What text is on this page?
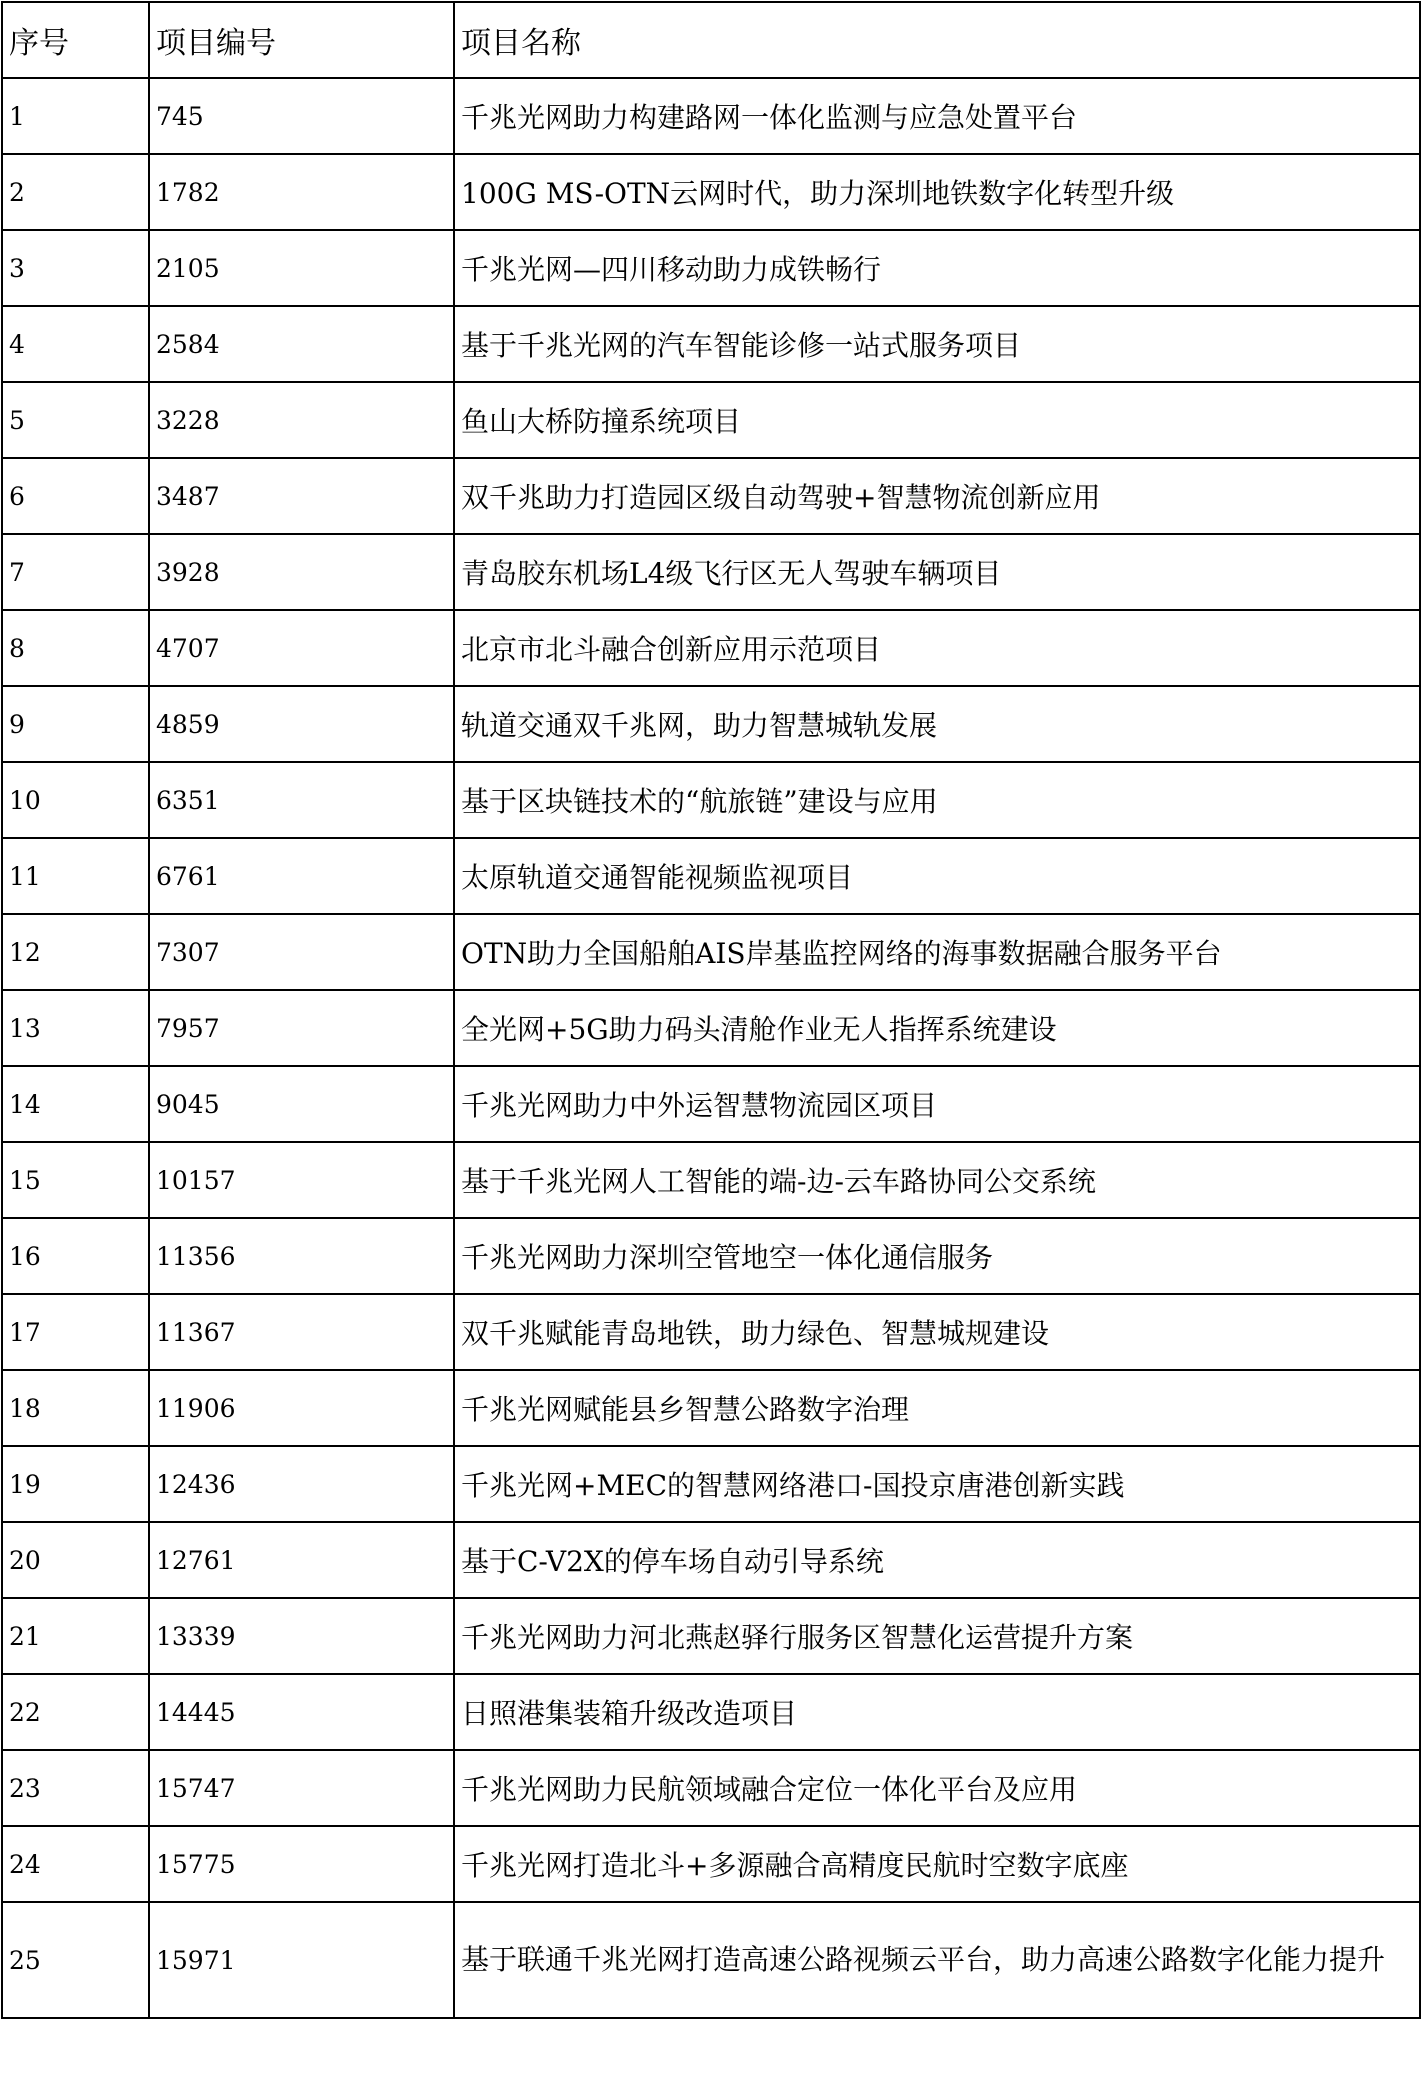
序号	项目编号	项目名称
1	745	千兆光网助力构建路网一体化监测与应急处置平台
2	1782	100G MS-OTN云网时代，助力深圳地铁数字化转型升级
3	2105	千兆光网—四川移动助力成铁畅行
4	2584	基于千兆光网的汽车智能诊修一站式服务项目
5	3228	鱼山大桥防撞系统项目
6	3487	双千兆助力打造园区级自动驾驶+智慧物流创新应用
7	3928	青岛胶东机场L4级飞行区无人驾驶车辆项目
8	4707	北京市北斗融合创新应用示范项目
9	4859	轨道交通双千兆网，助力智慧城轨发展
10	6351	基于区块链技术的“航旅链”建设与应用
11	6761	太原轨道交通智能视频监视项目
12	7307	OTN助力全国船舶AIS岸基监控网络的海事数据融合服务平台
13	7957	全光网+5G助力码头清舱作业无人指挥系统建设
14	9045	千兆光网助力中外运智慧物流园区项目
15	10157	基于千兆光网人工智能的端-边-云车路协同公交系统
16	11356	千兆光网助力深圳空管地空一体化通信服务
17	11367	双千兆赋能青岛地铁，助力绿色、智慧城规建设
18	11906	千兆光网赋能县乡智慧公路数字治理
19	12436	千兆光网+MEC的智慧网络港口-国投京唐港创新实践
20	12761	基于C-V2X的停车场自动引导系统
21	13339	千兆光网助力河北燕赵驿行服务区智慧化运营提升方案
22	14445	日照港集装箱升级改造项目
23	15747	千兆光网助力民航领域融合定位一体化平台及应用
24	15775	千兆光网打造北斗+多源融合高精度民航时空数字底座
25	15971	基于联通千兆光网打造高速公路视频云平台，助力高速公路数字化能力提升
